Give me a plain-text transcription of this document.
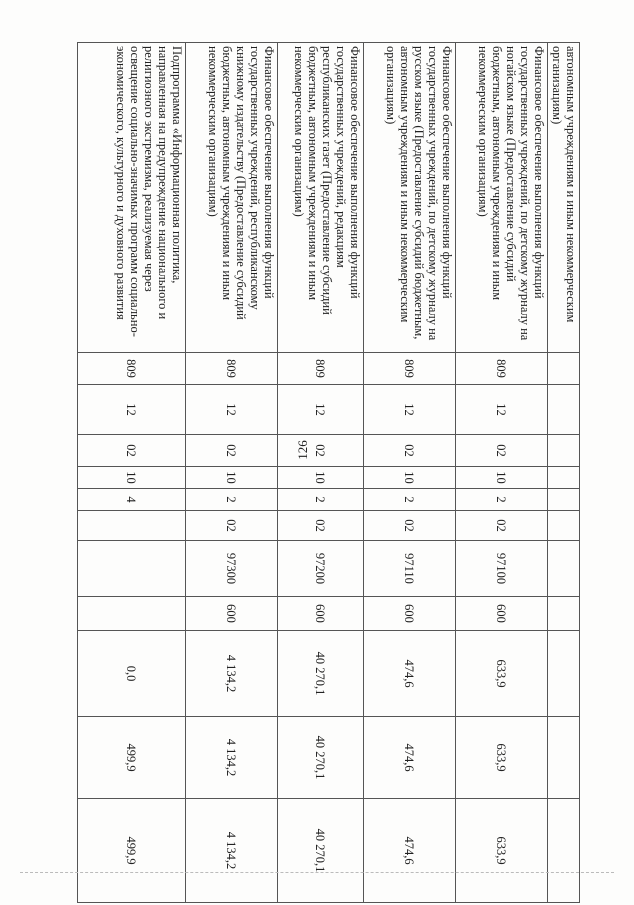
126
автономным учреждениям и иным некоммерческим организациям)											
Финансовое обеспечение выполнения функций государственных учреждений, по детскому журналу на ногайском языке (Предоставление субсидий бюджетным, автономным учреждениям и иным некоммерческим организациям)	809	12	02	10	2	02	97100	600	633,9	633,9	633,9
Финансовое обеспечение выполнения функций государственных учреждений, по детскому журналу на русском языке (Предоставление субсидий бюджетным, автономным учреждениям и иным некоммерческим организациям)	809	12	02	10	2	02	97110	600	474,6	474,6	474,6
Финансовое обеспечение выполнения функций государственных учреждений, редакциям республиканских газет (Предоставление субсидий бюджетным, автономным учреждениям и иным некоммерческим организациям)	809	12	02	10	2	02	97200	600	40 270,1	40 270,1	40 270,1
Финансовое обеспечение выполнения функций государственных учреждений, республиканскому книжному издательству (Предоставление субсидий бюджетным, автономным учреждениям и иным некоммерческим организациям)	809	12	02	10	2	02	97300	600	4 134,2	4 134,2	4 134,2
Подпрограмма «Информационная политика, направленная на предупреждение национального и религиозного экстремизма, реализуемая через освещение социально-значимых программ социально-экономического, культурного и духовного развития	809	12	02	10	4				0,0	499,9	499,9
